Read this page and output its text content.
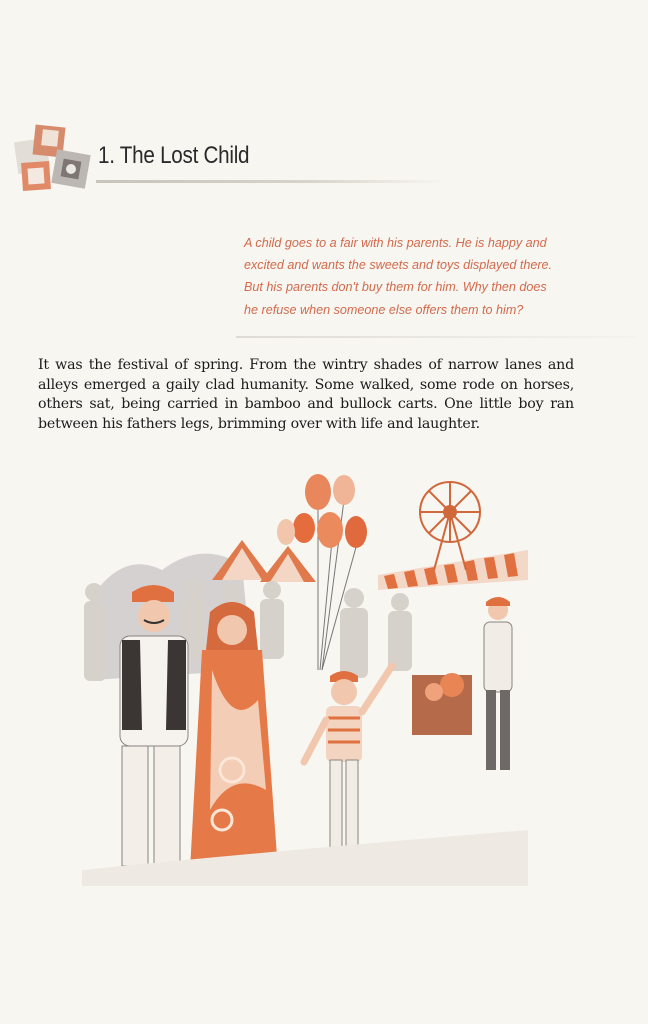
1. The Lost Child

A child goes to a fair with his parents. He is happy and excited and wants the sweets and toys displayed there. But his parents don't buy them for him. Why then does he refuse when someone else offers them to him?

It was the festival of spring. From the wintry shades of narrow lanes and alleys emerged a gaily clad humanity. Some walked, some rode on horses, others sat, being carried in bamboo and bullock carts. One little boy ran between his fathers legs, brimming over with life and laughter.
